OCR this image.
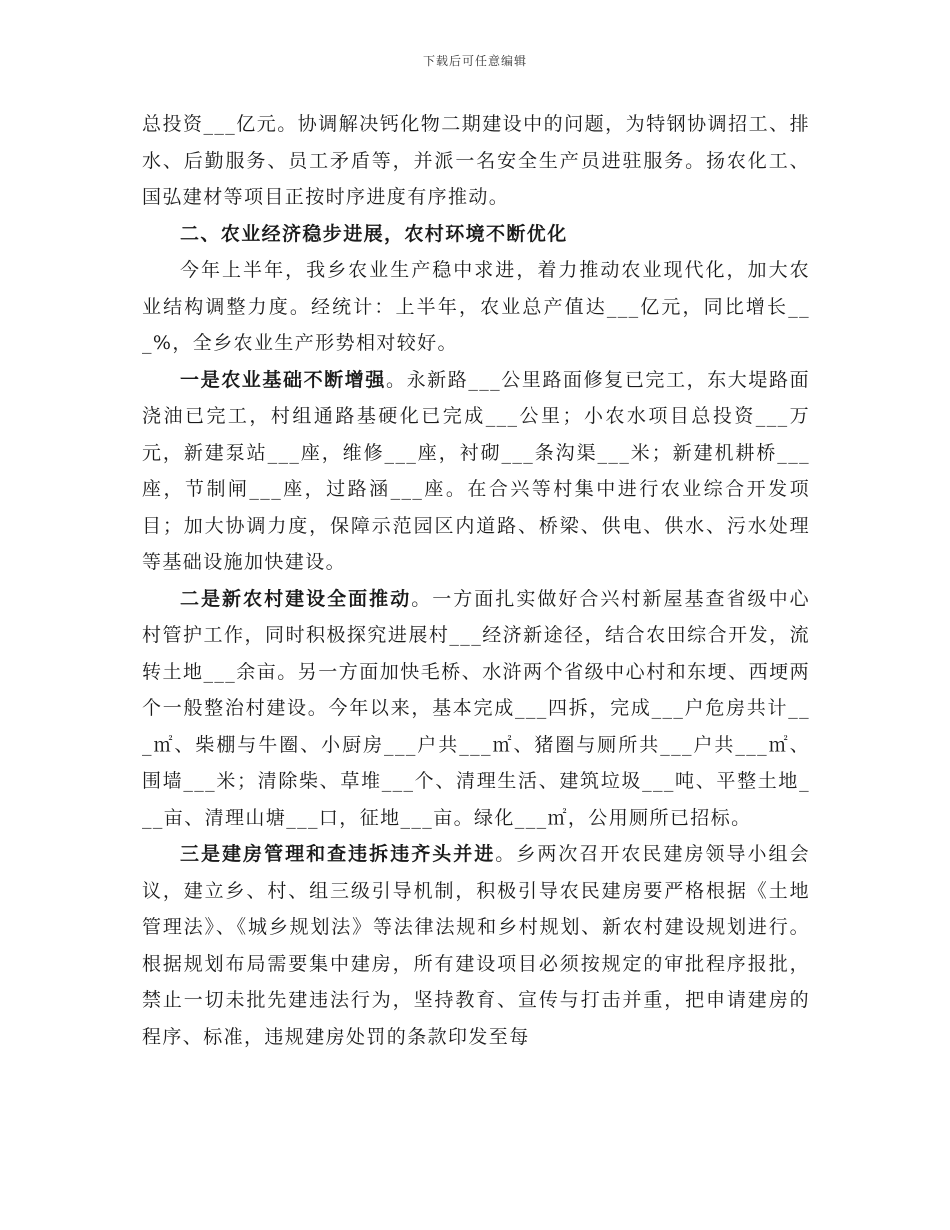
下载后可任意编辑

总投资___亿元。协调解决钙化物二期建设中的问题，为特钢协调招工、排水、后勤服务、员工矛盾等，并派一名安全生产员进驻服务。扬农化工、国弘建材等项目正按时序进度有序推动。

二、农业经济稳步进展，农村环境不断优化

今年上半年，我乡农业生产稳中求进，着力推动农业现代化，加大农业结构调整力度。经统计：上半年，农业总产值达___亿元，同比增长___%，全乡农业生产形势相对较好。

一是农业基础不断增强。永新路___公里路面修复已完工，东大堤路面浇油已完工，村组通路基硬化已完成___公里；小农水项目总投资___万元，新建泵站___座，维修___座，衬砌___条沟渠___米；新建机耕桥___座，节制闸___座，过路涵___座。在合兴等村集中进行农业综合开发项目；加大协调力度，保障示范园区内道路、桥梁、供电、供水、污水处理等基础设施加快建设。

二是新农村建设全面推动。一方面扎实做好合兴村新屋基查省级中心村管护工作，同时积极探究进展村___经济新途径，结合农田综合开发，流转土地___余亩。另一方面加快毛桥、水浒两个省级中心村和东埂、西埂两个一般整治村建设。今年以来，基本完成___四拆，完成___户危房共计___㎡、柴棚与牛圈、小厨房___户共___㎡、猪圈与厕所共___户共___㎡、围墙___米；清除柴、草堆___个、清理生活、建筑垃圾___吨、平整土地___亩、清理山塘___口，征地___亩。绿化___㎡，公用厕所已招标。

三是建房管理和查违拆违齐头并进。乡两次召开农民建房领导小组会议，建立乡、村、组三级引导机制，积极引导农民建房要严格根据《土地管理法》、《城乡规划法》等法律法规和乡村规划、新农村建设规划进行。根据规划布局需要集中建房，所有建设项目必须按规定的审批程序报批，禁止一切未批先建违法行为，坚持教育、宣传与打击并重，把申请建房的程序、标准，违规建房处罚的条款印发至每
